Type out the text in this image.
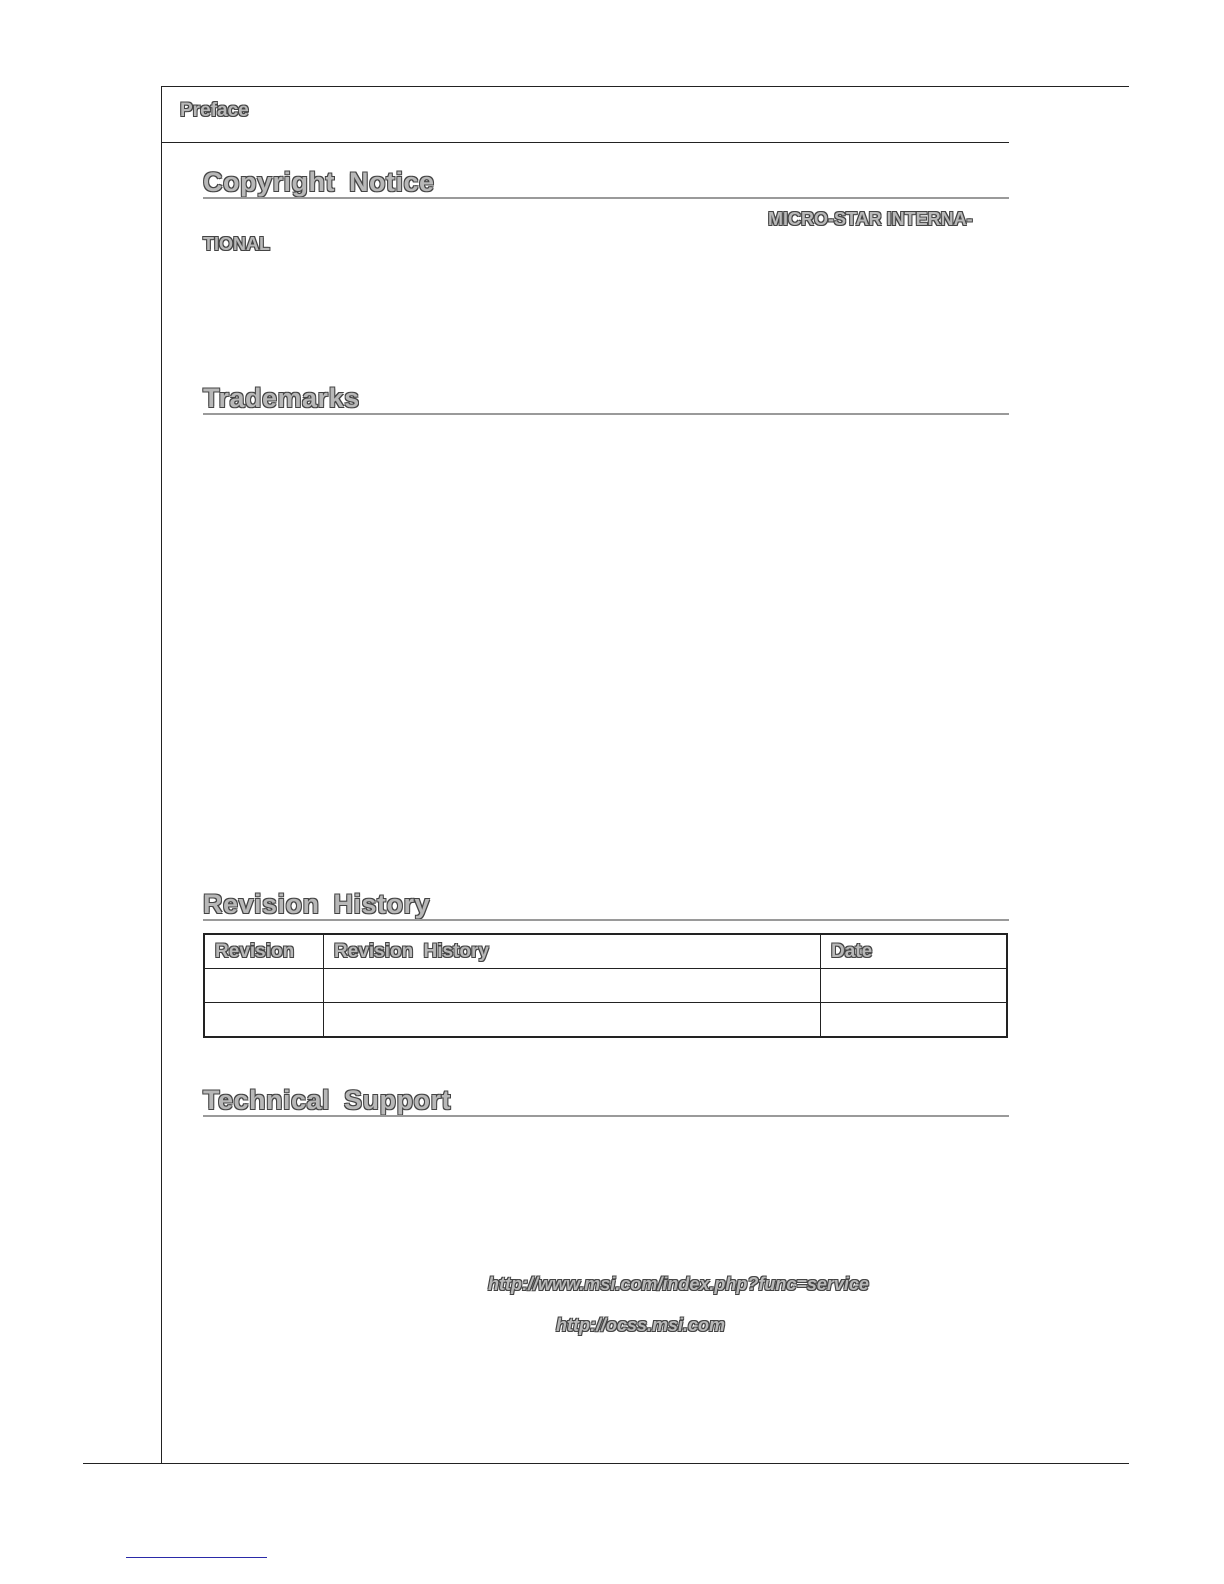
Preface
Copyright Notice
MICRO-STAR INTERNA-
TIONAL
Trademarks
Revision History
Revision	Revision History	Date

Technical Support
http://www.msi.com/index.php?func=service
http://ocss.msi.com
